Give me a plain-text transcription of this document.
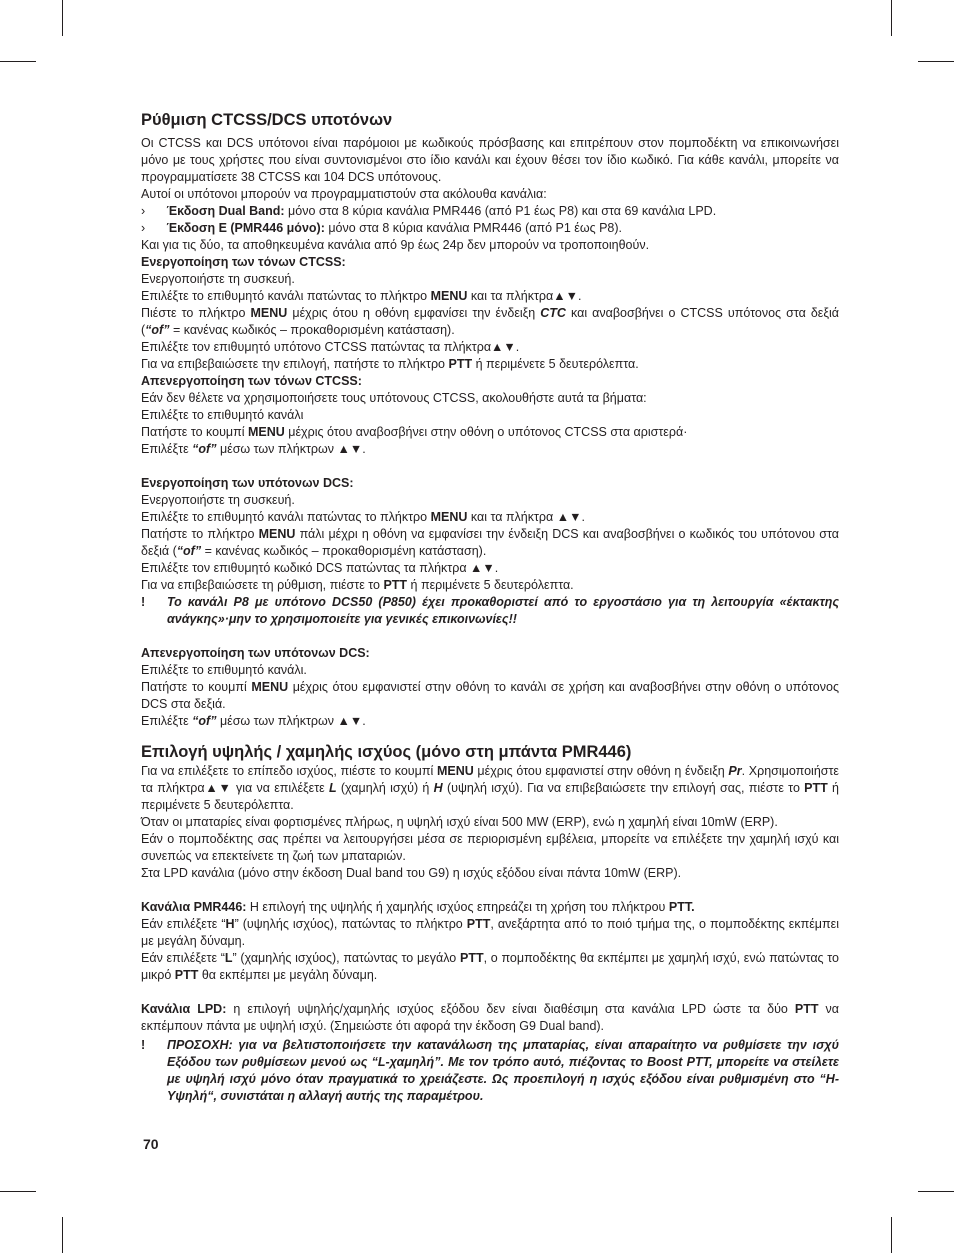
Ρύθμιση CTCSS/DCS υποτόνων

Οι CTCSS και DCS υπότονοι είναι παρόμοιοι με κωδικούς πρόσβασης και επιτρέπουν στον πομποδέκτη να επικοινωνήσει μόνο με τους χρήστες που είναι συντονισμένοι στο ίδιο κανάλι και έχουν θέσει τον ίδιο κωδικό. Για κάθε κανάλι, μπορείτε να προγραμματίσετε 38 CTCSS και 104 DCS υπότονους.

Αυτοί οι υπότονοι μπορούν να προγραμματιστούν στα ακόλουθα κανάλια:

›	Έκδοση Dual Band: μόνο στα 8 κύρια κανάλια PMR446 (από P1 έως P8) και στα 69 κανάλια LPD.
›	Έκδοση E (PMR446 μόνο): μόνο στα 8 κύρια κανάλια PMR446 (από P1 έως P8).

Και για τις δύο, τα αποθηκευμένα κανάλια από 9p έως 24p δεν μπορούν να τροποποιηθούν.

Ενεργοποίηση των τόνων CTCSS:

Ενεργοποιήστε τη συσκευή.

Επιλέξτε το επιθυμητό κανάλι πατώντας το πλήκτρο MENU και τα πλήκτρα▲▼.

Πιέστε το πλήκτρο MENU μέχρις ότου η οθόνη εμφανίσει την ένδειξη CTC και αναβοσβήνει ο CTCSS υπότονος στα δεξιά (“of” = κανένας κωδικός – προκαθορισμένη κατάσταση).

Επιλέξτε τον επιθυμητό υπότονο CTCSS πατώντας τα πλήκτρα▲▼.

Για να επιβεβαιώσετε την επιλογή, πατήστε το πλήκτρο PTT ή περιμένετε 5 δευτερόλεπτα.

Απενεργοποίηση των τόνων CTCSS:

Εάν δεν θέλετε να χρησιμοποιήσετε τους υπότονους CTCSS, ακολουθήστε αυτά τα βήματα:

Επιλέξτε το επιθυμητό κανάλι

Πατήστε το κουμπί MENU μέχρις ότου αναβοσβήνει στην οθόνη ο υπότονος CTCSS στα αριστερά·

Επιλέξτε “of” μέσω των πλήκτρων ▲▼.

Ενεργοποίηση των υπότονων DCS:

Ενεργοποιήστε τη συσκευή.

Επιλέξτε το επιθυμητό κανάλι πατώντας το πλήκτρο MENU και τα πλήκτρα ▲▼.

Πατήστε το πλήκτρο MENU πάλι μέχρι η οθόνη να εμφανίσει την ένδειξη DCS και αναβοσβήνει ο κωδικός του υπότονου στα δεξιά (“of” = κανένας κωδικός – προκαθορισμένη κατάσταση).

Επιλέξτε τον επιθυμητό κωδικό DCS πατώντας τα πλήκτρα ▲▼.

Για να επιβεβαιώσετε τη ρύθμιση, πιέστε το PTT ή περιμένετε 5 δευτερόλεπτα.

!	Το κανάλι P8 με υπότονο DCS50 (P850) έχει προκαθοριστεί από το εργοστάσιο για τη λειτουργία «έκτακτης ανάγκης»·μην το χρησιμοποιείτε για γενικές επικοινωνίες!!

Απενεργοποίηση των υπότονων DCS:

Επιλέξτε το επιθυμητό κανάλι.

Πατήστε το κουμπί MENU μέχρις ότου εμφανιστεί στην οθόνη το κανάλι σε χρήση και αναβοσβήνει στην οθόνη ο υπότονος DCS στα δεξιά.

Επιλέξτε “of” μέσω των πλήκτρων ▲▼.

Επιλογή υψηλής / χαμηλής ισχύος (μόνο στη μπάντα PMR446)

Για να επιλέξετε το επίπεδο ισχύος, πιέστε το κουμπί MENU μέχρις ότου εμφανιστεί στην οθόνη η ένδειξη Pr. Χρησιμοποιήστε τα πλήκτρα▲▼ για να επιλέξετε L (χαμηλή ισχύ) ή H (υψηλή ισχύ). Για να επιβεβαιώσετε την επιλογή σας, πιέστε το PTT ή περιμένετε 5 δευτερόλεπτα.

Όταν οι μπαταρίες είναι φορτισμένες πλήρως, η υψηλή ισχύ είναι 500 MW (ERP), ενώ η χαμηλή είναι 10mW (ERP).

Εάν ο πομποδέκτης σας πρέπει να λειτουργήσει μέσα σε περιορισμένη εμβέλεια, μπορείτε να επιλέξετε την χαμηλή ισχύ και συνεπώς να επεκτείνετε τη ζωή των μπαταριών.

Στα LPD κανάλια (μόνο στην έκδοση Dual band του G9) η ισχύς εξόδου είναι πάντα 10mW (ERP).

Κανάλια PMR446: Η επιλογή της υψηλής ή χαμηλής ισχύος επηρεάζει τη χρήση του πλήκτρου PTT.

Εάν επιλέξετε “H” (υψηλής ισχύος), πατώντας το πλήκτρο PTT, ανεξάρτητα από το ποιό τμήμα της, ο πομποδέκτης εκπέμπει με μεγάλη δύναμη.

Εάν επιλέξετε “L” (χαμηλής ισχύος), πατώντας το μεγάλο PTT, ο πομποδέκτης θα εκπέμπει με χαμηλή ισχύ, ενώ πατώντας το μικρό PTT θα εκπέμπει με μεγάλη δύναμη.

Κανάλια LPD: η επιλογή υψηλής/χαμηλής ισχύος εξόδου δεν είναι διαθέσιμη στα κανάλια LPD ώστε τα δύο PTT να εκπέμπουν πάντα με υψηλή ισχύ. (Σημειώστε ότι αφορά την έκδοση G9 Dual band).

!	ΠΡΟΣΟΧΗ: για να βελτιστοποιήσετε την κατανάλωση της μπαταρίας, είναι απαραίτητο να ρυθμίσετε την ισχύ Εξόδου των ρυθμίσεων μενού ως “L-χαμηλή”. Με τον τρόπο αυτό, πιέζοντας το Boost PTT, μπορείτε να στείλετε με υψηλή ισχύ μόνο όταν πραγματικά το χρειάζεστε. Ως προεπιλογή η ισχύς εξόδου είναι ρυθμισμένη στο “H-Υψηλή“, συνιστάται η αλλαγή αυτής της παραμέτρου.
70
